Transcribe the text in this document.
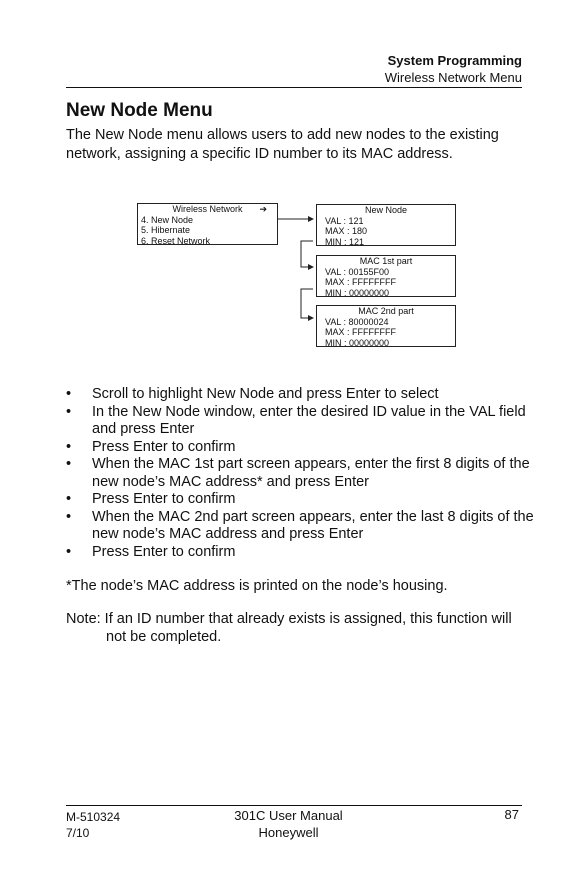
System Programming
Wireless Network Menu
New Node Menu

The New Node menu allows users to add new nodes to the existing network, assigning a specific ID number to its MAC address.

Wireless Network	➔
4. New Node
5. Hibernate
6. Reset Network
New Node
VAL : 121
MAX : 180
MIN : 121
MAC 1st part
VAL : 00155F00
MAX : FFFFFFFF
MIN : 00000000
MAC 2nd part
VAL : 80000024
MAX : FFFFFFFF
MIN : 00000000
• Scroll to highlight New Node and press Enter to select
• In the New Node window, enter the desired ID value in the VAL field and press Enter
• Press Enter to confirm
• When the MAC 1st part screen appears, enter the first 8 digits of the new node’s MAC address* and press Enter
• Press Enter to confirm
• When the MAC 2nd part screen appears, enter the last 8 digits of the new node’s MAC address and press Enter
• Press Enter to confirm

*The node’s MAC address is printed on the node’s housing.

Note: If an ID number that already exists is assigned, this function will
not be completed.

M-510324
7/10
301C User Manual
Honeywell
87
